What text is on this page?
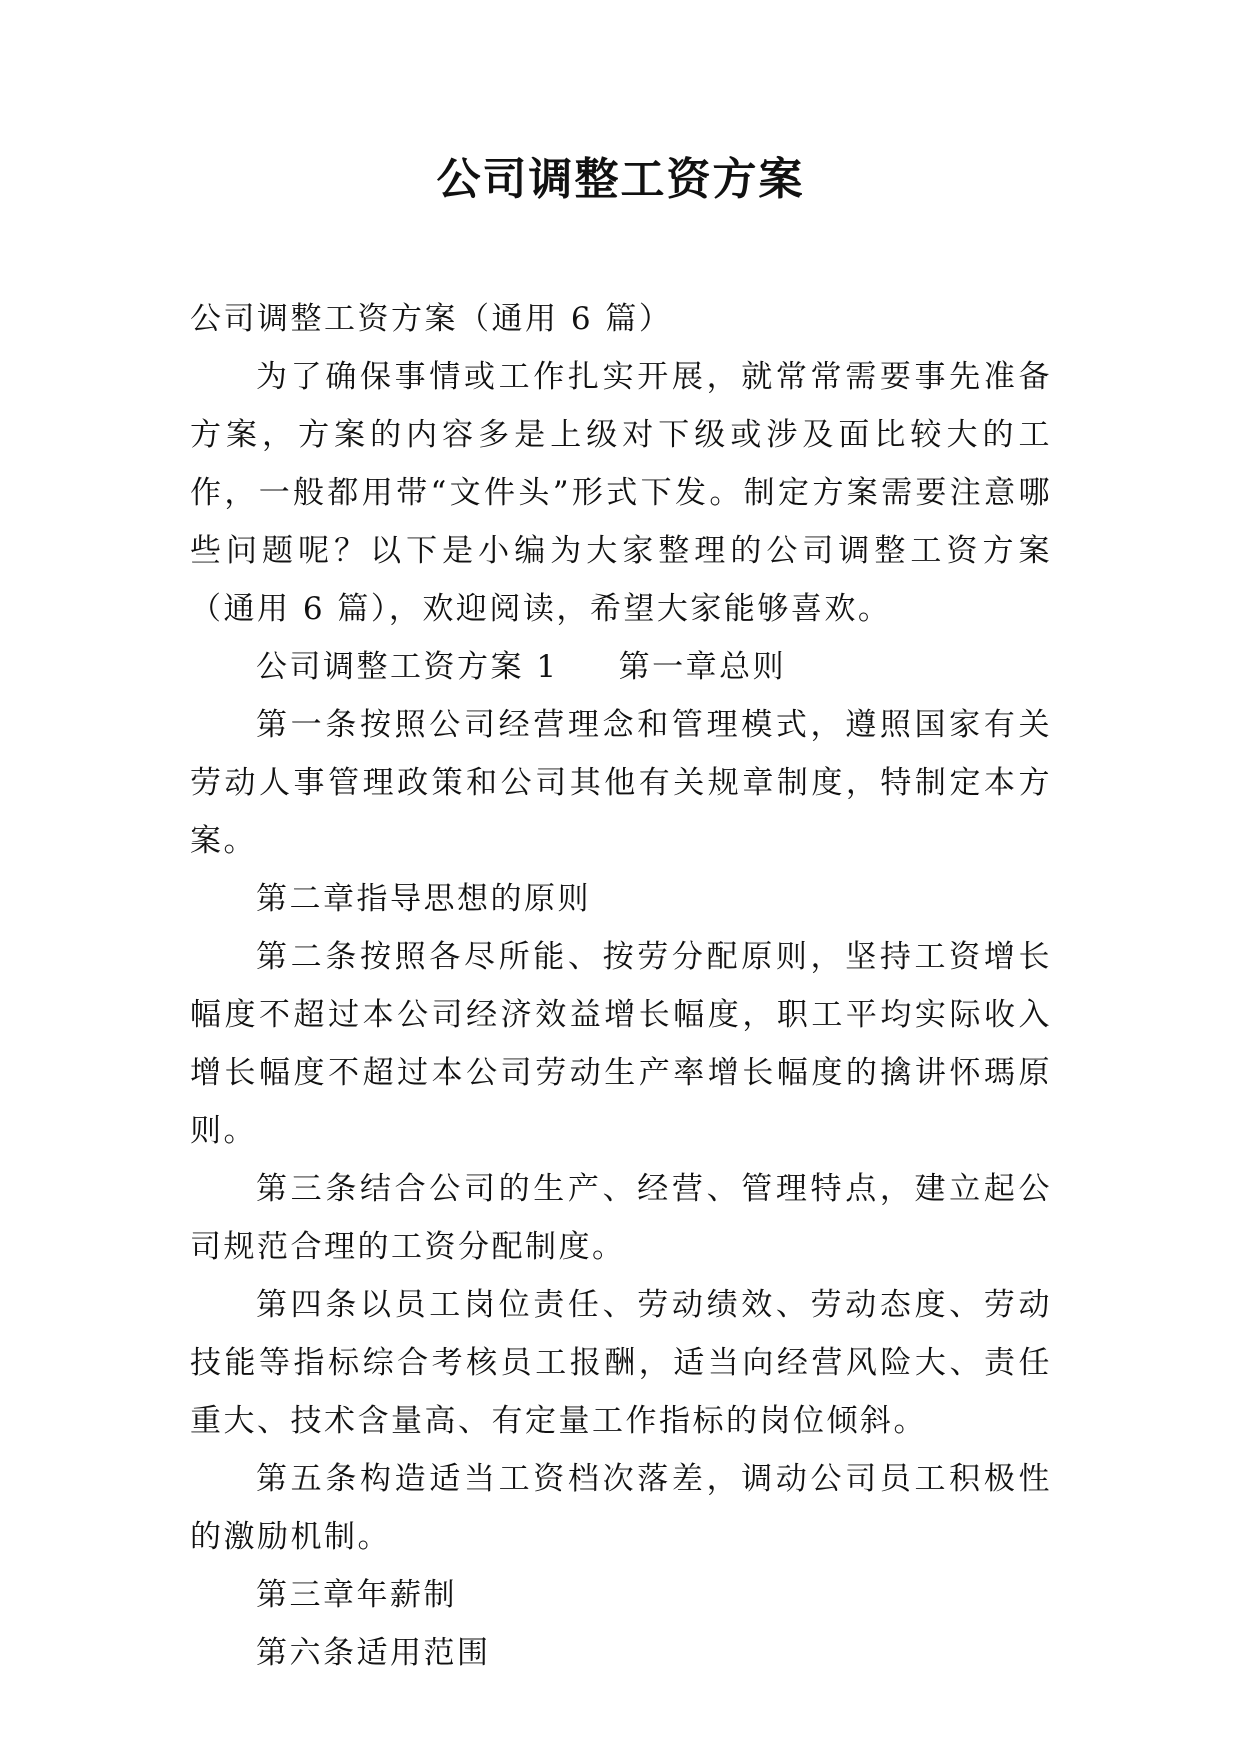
公司调整工资方案

公司调整工资方案（通用 6 篇）

为了确保事情或工作扎实开展，就常常需要事先准备方案，方案的内容多是上级对下级或涉及面比较大的工作，一般都用带“文件头”形式下发。制定方案需要注意哪些问题呢？以下是小编为大家整理的公司调整工资方案（通用 6 篇），欢迎阅读，希望大家能够喜欢。

公司调整工资方案 1 第一章总则

第一条按照公司经营理念和管理模式，遵照国家有关劳动人事管理政策和公司其他有关规章制度，特制定本方案。

第二章指导思想的原则

第二条按照各尽所能、按劳分配原则，坚持工资增长幅度不超过本公司经济效益增长幅度，职工平均实际收入增长幅度不超过本公司劳动生产率增长幅度的擒讲怀瑪原则。

第三条结合公司的生产、经营、管理特点，建立起公司规范合理的工资分配制度。

第四条以员工岗位责任、劳动绩效、劳动态度、劳动技能等指标综合考核员工报酬，适当向经营风险大、责任重大、技术含量高、有定量工作指标的岗位倾斜。

第五条构造适当工资档次落差，调动公司员工积极性的激励机制。

第三章年薪制

第六条适用范围
